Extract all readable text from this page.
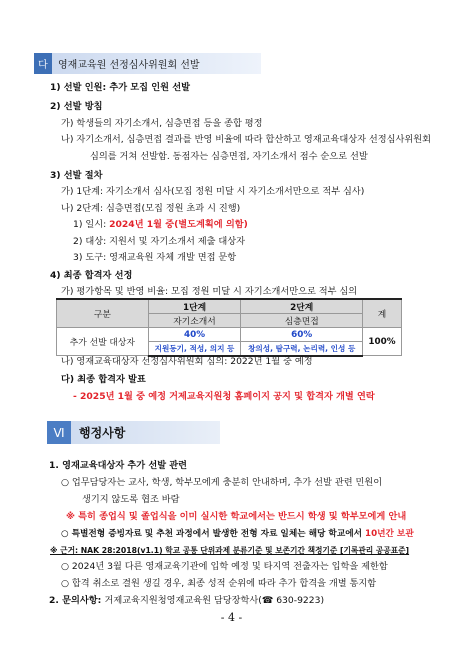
다	영재교육원 선정심사위원회 선발
1) 선발 인원: 추가 모집 인원 선발
2) 선발 방침
가) 학생들의 자기소개서, 심층면접 등을 종합 평정
나) 자기소개서, 심층면접 결과를 반영 비율에 따라 합산하고 영재교육대상자 선정심사위원회
심의를 거쳐 선발함. 동점자는 심층면접, 자기소개서 점수 순으로 선발
3) 선발 절차
가) 1단계: 자기소개서 심사(모집 정원 미달 시 자기소개서만으로 적부 심사)
나) 2단계: 심층면접(모집 정원 초과 시 진행)
1) 일시: 2024년 1월 중(별도계획에 의함)
2) 대상: 지원서 및 자기소개서 제출 대상자
3) 도구: 영재교육원 자체 개발 면접 문항
4) 최종 합격자 선정
가) 평가항목 및 반영 비율: 모집 정원 미달 시 자기소개서만으로 적부 심의
구분	1단계	2단계	계
	자기소개서	심층면접	
추가 선발 대상자	40%	60%	100%
	지원동기, 적성, 의지 등	창의성, 탐구력, 논리력, 인성 등	
나) 영재교육대상자 선정심사위원회 심의: 2022년 1월 중 예정
다) 최종 합격자 발표
- 2025년 1월 중 예정 거제교육지원청 홈페이지 공지 및 합격자 개별 연락
Ⅵ	행정사항
1. 영재교육대상자 추가 선발 관련
○ 업무담당자는 교사, 학생, 학부모에게 충분히 안내하며, 추가 선발 관련 민원이
생기지 않도록 협조 바람
※ 특히 종업식 및 졸업식을 이미 실시한 학교에서는 반드시 학생 및 학부모에게 안내
○ 특별전형 증빙자료 및 추천 과정에서 발생한 전형 자료 일체는 해당 학교에서 10년간 보관
※ 근거: NAK 28:2018(v1.1) 학교 공통 단위과제 분류기준 및 보존기간 책정기준 [기록관리 공공표준]
○ 2024년 3월 다른 영재교육기관에 입학 예정 및 타지역 전출자는 입학을 제한함
○ 합격 취소로 결원 생길 경우, 최종 성적 순위에 따라 추가 합격을 개별 통지함
2. 문의사항: 거제교육지원청영재교육원 담당장학사(☎ 630-9223)
- 4 -
